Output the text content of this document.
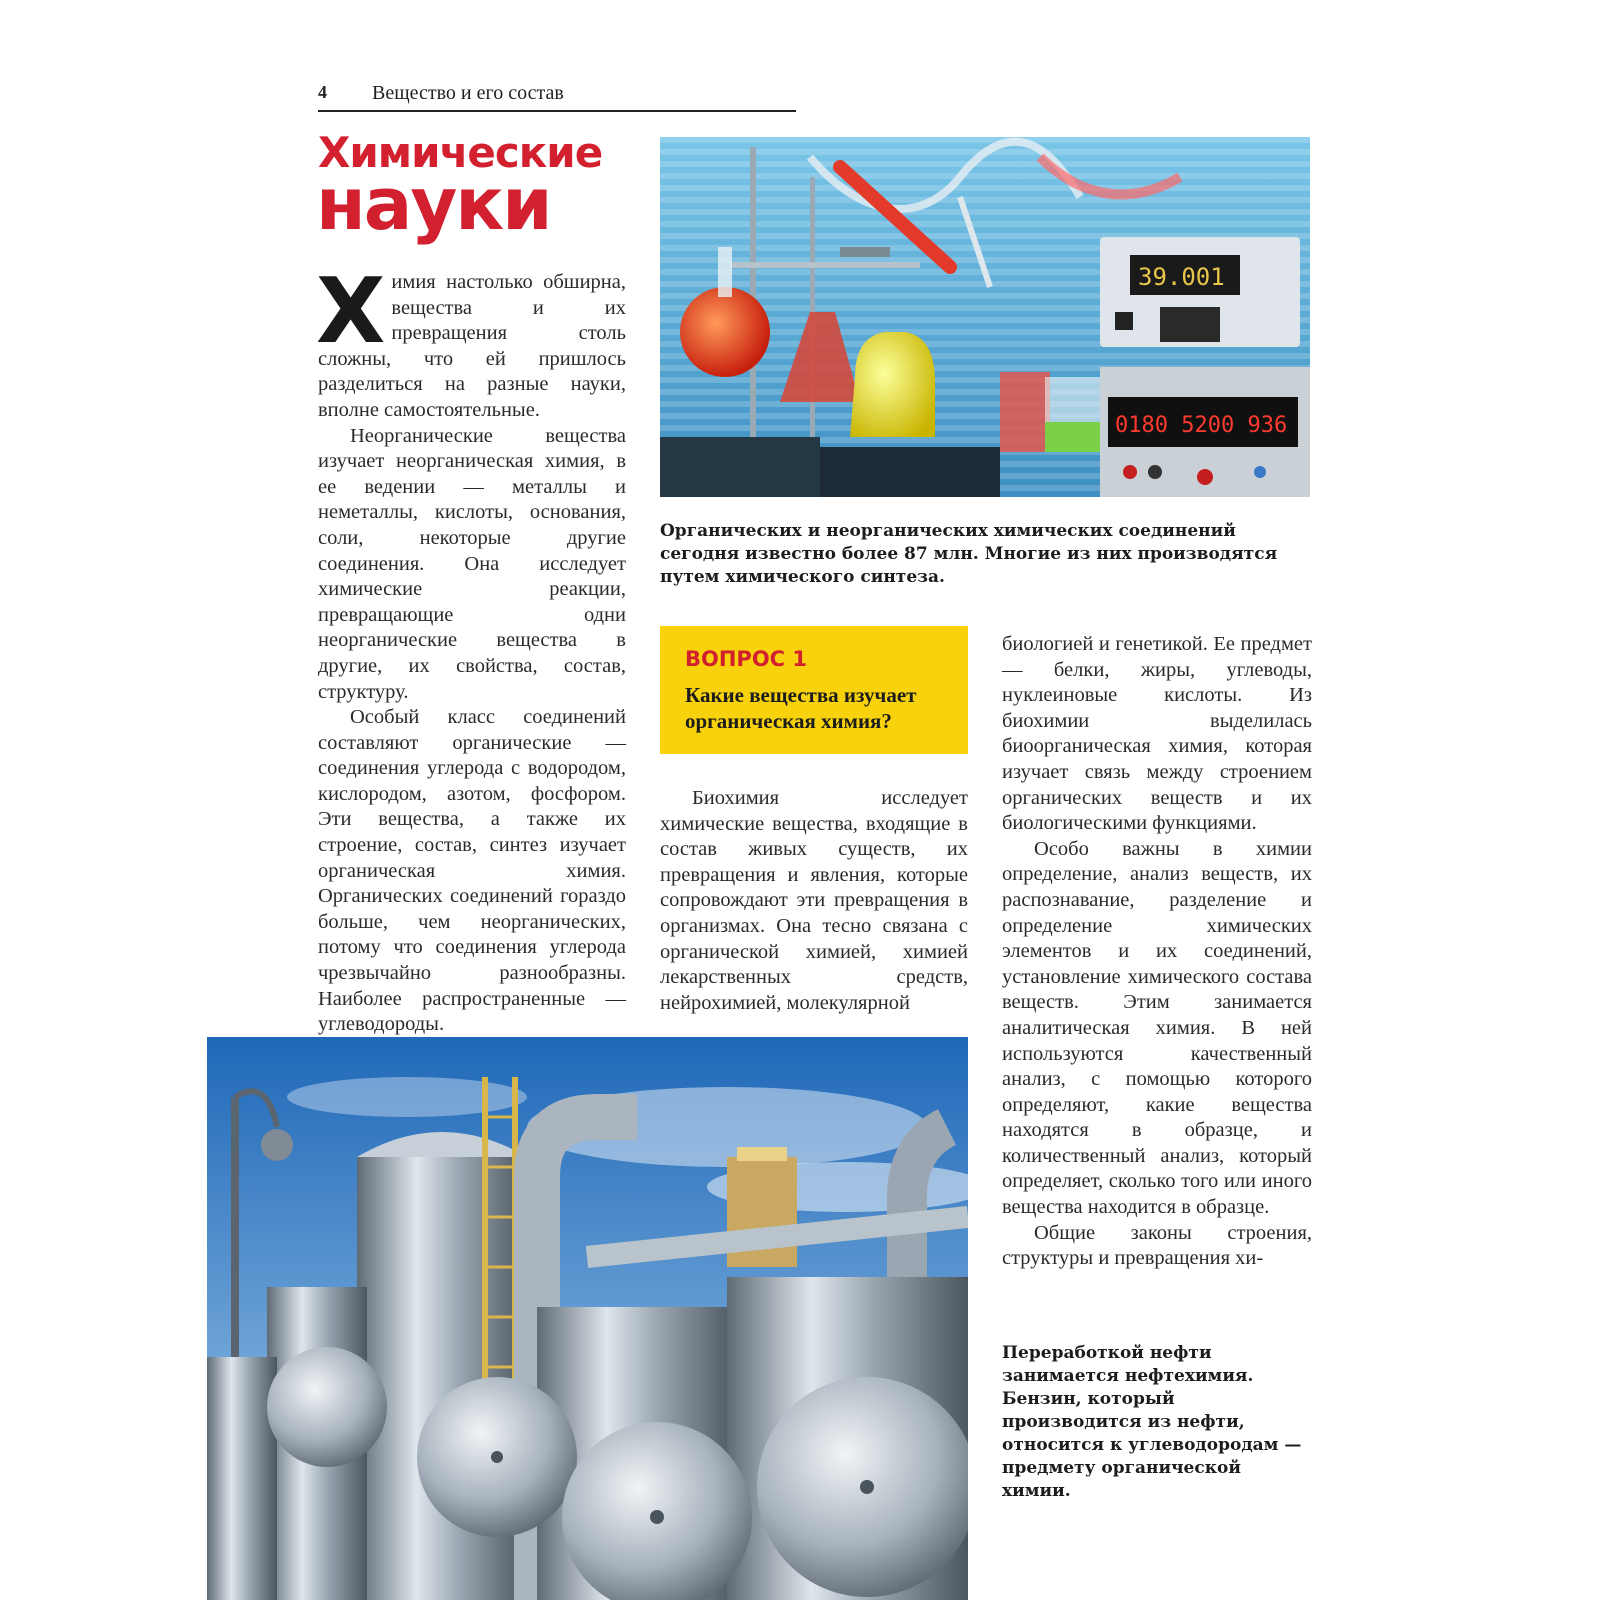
4 Вещество и его состав
Химические
науки

Химия настолько обширна, вещества и их превращения столь сложны, что ей пришлось разделиться на разные науки, вполне самостоятельные.

Неорганические вещества изучает неорганическая химия, в ее ведении — металлы и неметаллы, кислоты, основания, соли, некоторые другие соединения. Она исследует химические реакции, превращающие одни неорганические вещества в другие, их свойства, состав, структуру.

Особый класс соединений составляют органические — соединения углерода с водородом, кислородом, азотом, фосфором. Эти вещества, а также их строение, состав, синтез изучает органическая химия. Органических соединений гораздо больше, чем неорганических, потому что соединения углерода чрезвычайно разнообразны. Наиболее распространенные — углеводороды.

39.001
0180 5200 936
Органических и неорганических химических соединений сегодня известно более 87 млн. Многие из них производятся путем химического синтеза.
ВОПРОС 1
Какие вещества изучает органическая химия?

Биохимия исследует химические вещества, входящие в состав живых существ, их превращения и явления, которые сопровождают эти превращения в организмах. Она тесно связана с органической химией, химией лекарственных средств, нейрохимией, молекулярной

биологией и генетикой. Ее предмет — белки, жиры, углеводы, нуклеиновые кислоты. Из биохимии выделилась биоорганическая химия, которая изучает связь между строением органических веществ и их биологическими функциями.

Особо важны в химии определение, анализ веществ, их распознавание, разделение и определение химических элементов и их соединений, установление химического состава веществ. Этим занимается аналитическая химия. В ней используются качественный анализ, с помощью которого определяют, какие вещества находятся в образце, и количественный анализ, который определяет, сколько того или иного вещества находится в образце.

Общие законы строения, структуры и превращения хи-

Переработкой нефти занимается нефтехимия. Бензин, который производится из нефти, относится к углеводородам — предмету органической химии.
